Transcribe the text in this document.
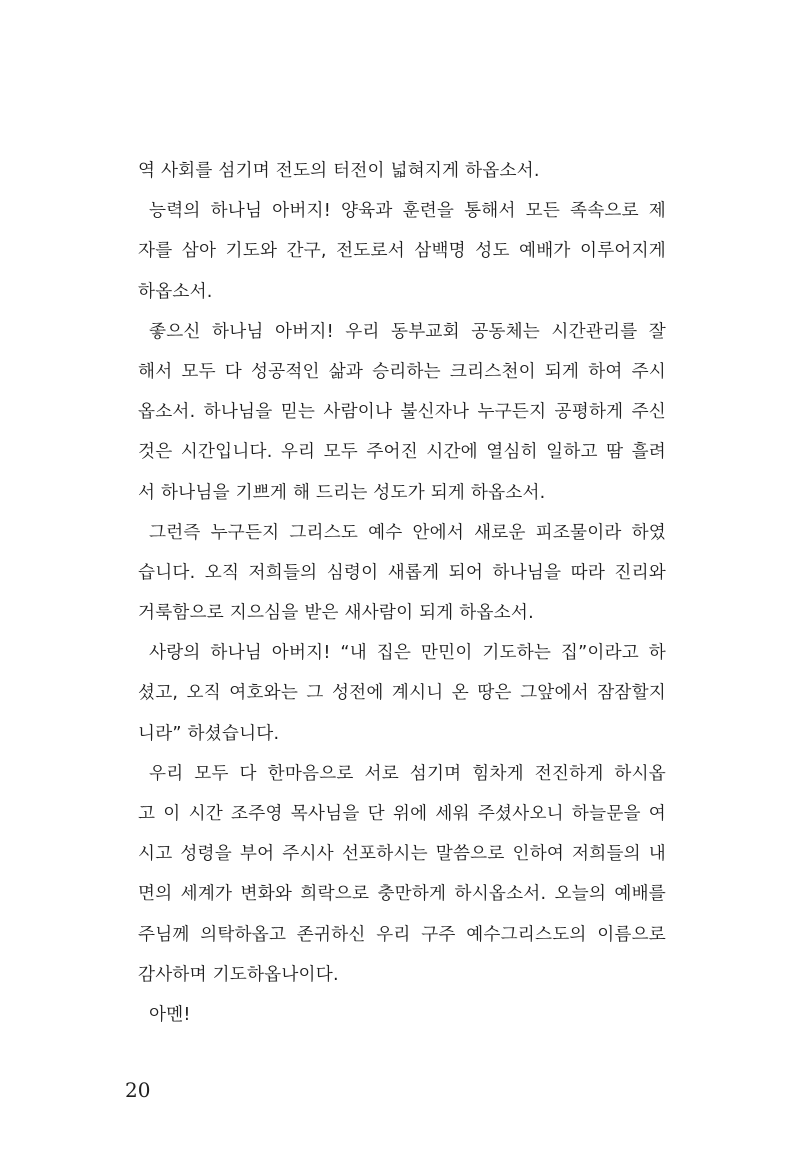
역 사회를 섬기며 전도의 터전이 넓혀지게 하옵소서.
능력의 하나님 아버지! 양육과 훈련을 통해서 모든 족속으로 제
자를 삼아 기도와 간구, 전도로서 삼백명 성도 예배가 이루어지게
하옵소서.
좋으신 하나님 아버지! 우리 동부교회 공동체는 시간관리를 잘
해서 모두 다 성공적인 삶과 승리하는 크리스천이 되게 하여 주시
옵소서. 하나님을 믿는 사람이나 불신자나 누구든지 공평하게 주신
것은 시간입니다. 우리 모두 주어진 시간에 열심히 일하고 땀 흘려
서 하나님을 기쁘게 해 드리는 성도가 되게 하옵소서.
그런즉 누구든지 그리스도 예수 안에서 새로운 피조물이라 하였
습니다. 오직 저희들의 심령이 새롭게 되어 하나님을 따라 진리와
거룩함으로 지으심을 받은 새사람이 되게 하옵소서.
사랑의 하나님 아버지! “내 집은 만민이 기도하는 집”이라고 하
셨고, 오직 여호와는 그 성전에 계시니 온 땅은 그앞에서 잠잠할지
니라” 하셨습니다.
우리 모두 다 한마음으로 서로 섬기며 힘차게 전진하게 하시옵
고 이 시간 조주영 목사님을 단 위에 세워 주셨사오니 하늘문을 여
시고 성령을 부어 주시사 선포하시는 말씀으로 인하여 저희들의 내
면의 세계가 변화와 희락으로 충만하게 하시옵소서. 오늘의 예배를
주님께 의탁하옵고 존귀하신 우리 구주 예수그리스도의 이름으로
감사하며 기도하옵나이다.
아멘!
20
